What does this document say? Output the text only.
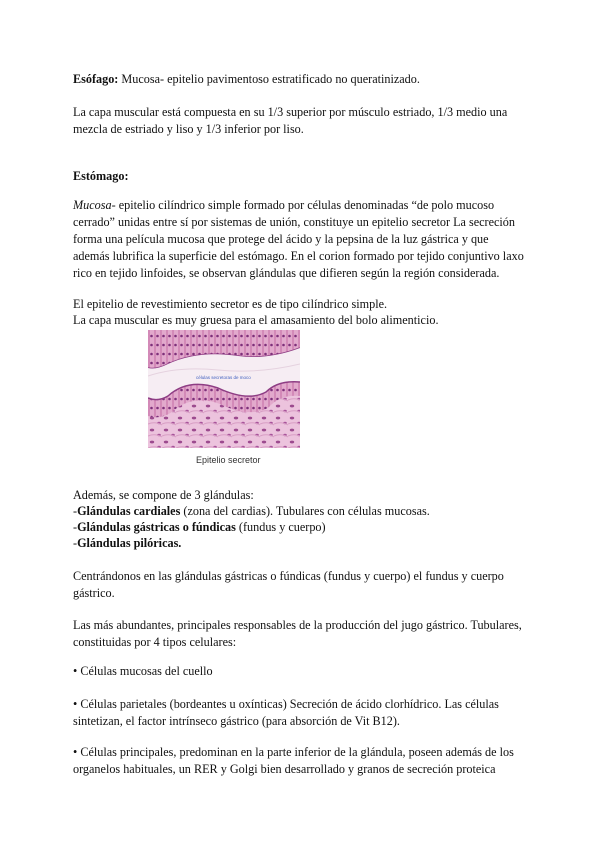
Esófago: Mucosa- epitelio pavimentoso estratificado no queratinizado.

La capa muscular está compuesta en su 1/3 superior por músculo estriado, 1/3 medio una mezcla de estriado y liso y 1/3 inferior por liso.

Estómago:

Mucosa- epitelio cilíndrico simple formado por células denominadas “de polo mucoso cerrado” unidas entre sí por sistemas de unión, constituye un epitelio secretor La secreción forma una película mucosa que protege del ácido y la pepsina de la luz gástrica y que además lubrifica la superficie del estómago. En el corion formado por tejido conjuntivo laxo rico en tejido linfoides, se observan glándulas que difieren según la región considerada.

El epitelio de revestimiento secretor es de tipo cilíndrico simple.

La capa muscular es muy gruesa para el amasamiento del bolo alimenticio.

células secretoras de moco
Epitelio secretor

Además, se compone de 3 glándulas:

-Glándulas cardiales (zona del cardias). Tubulares con células mucosas.

-Glándulas gástricas o fúndicas (fundus y cuerpo)

-Glándulas pilóricas.

Centrándonos en las glándulas gástricas o fúndicas (fundus y cuerpo) el fundus y cuerpo gástrico.

Las más abundantes, principales responsables de la producción del jugo gástrico. Tubulares, constituidas por 4 tipos celulares:

• Células mucosas del cuello

• Células parietales (bordeantes u oxínticas) Secreción de ácido clorhídrico. Las células sintetizan, el factor intrínseco gástrico (para absorción de Vit B12).

• Células principales, predominan en la parte inferior de la glándula, poseen además de los organelos habituales, un RER y Golgi bien desarrollado y granos de secreción proteica
